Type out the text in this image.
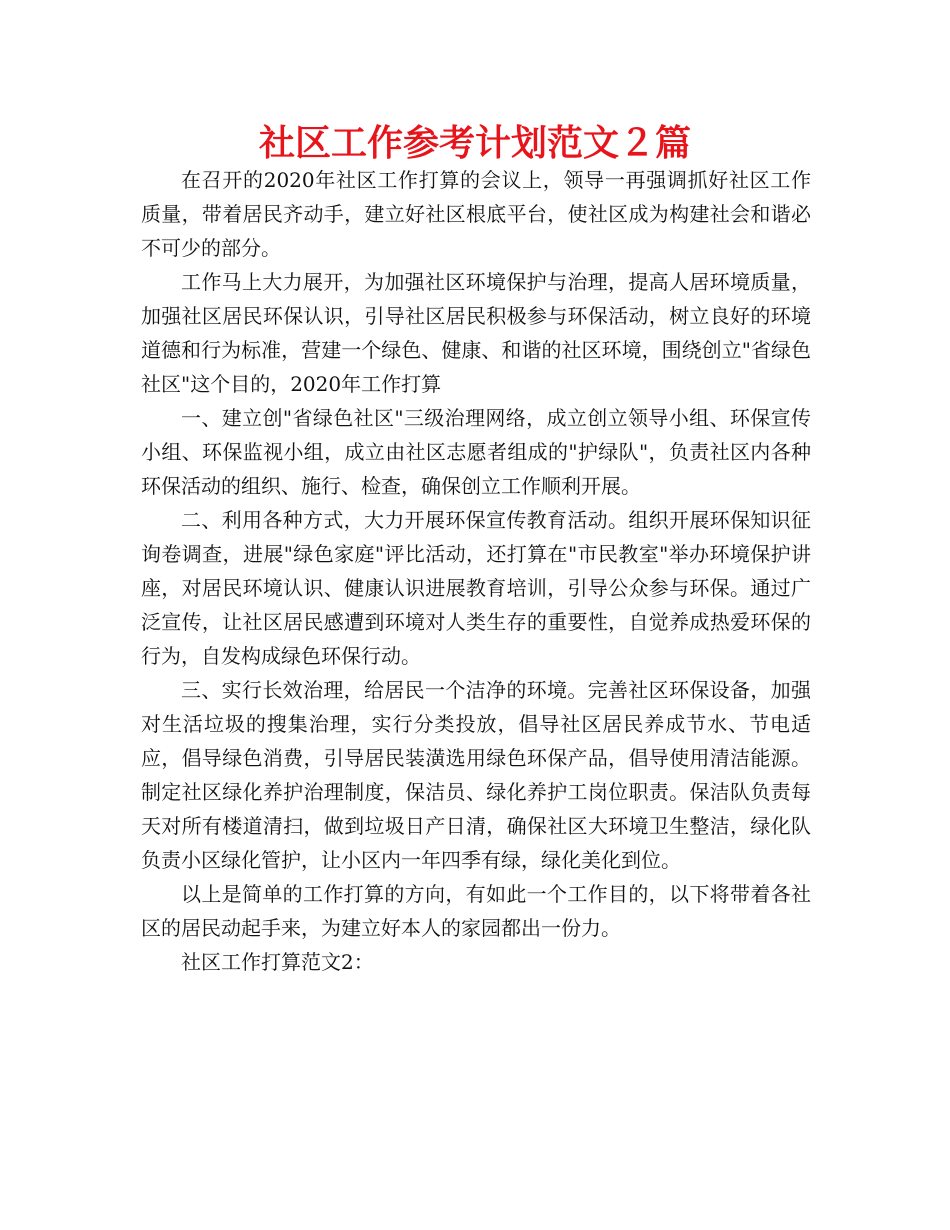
社区工作参考计划范文２篇

在召开的2020年社区工作打算的会议上，领导一再强调抓好社区工作质量，带着居民齐动手，建立好社区根底平台，使社区成为构建社会和谐必不可少的部分。

工作马上大力展开，为加强社区环境保护与治理，提高人居环境质量，加强社区居民环保认识，引导社区居民积极参与环保活动，树立良好的环境道德和行为标准，营建一个绿色、健康、和谐的社区环境，围绕创立"省绿色社区"这个目的，2020年工作打算

一、建立创"省绿色社区"三级治理网络，成立创立领导小组、环保宣传小组、环保监视小组，成立由社区志愿者组成的"护绿队"，负责社区内各种环保活动的组织、施行、检查，确保创立工作顺利开展。

二、利用各种方式，大力开展环保宣传教育活动。组织开展环保知识征询卷调查，进展"绿色家庭"评比活动，还打算在"市民教室"举办环境保护讲座，对居民环境认识、健康认识进展教育培训，引导公众参与环保。通过广泛宣传，让社区居民感遭到环境对人类生存的重要性，自觉养成热爱环保的行为，自发构成绿色环保行动。

三、实行长效治理，给居民一个洁净的环境。完善社区环保设备，加强对生活垃圾的搜集治理，实行分类投放，倡导社区居民养成节水、节电适应，倡导绿色消费，引导居民装潢选用绿色环保产品，倡导使用清洁能源。制定社区绿化养护治理制度，保洁员、绿化养护工岗位职责。保洁队负责每天对所有楼道清扫，做到垃圾日产日清，确保社区大环境卫生整洁，绿化队负责小区绿化管护，让小区内一年四季有绿，绿化美化到位。

以上是简单的工作打算的方向，有如此一个工作目的，以下将带着各社区的居民动起手来，为建立好本人的家园都出一份力。

社区工作打算范文2：
